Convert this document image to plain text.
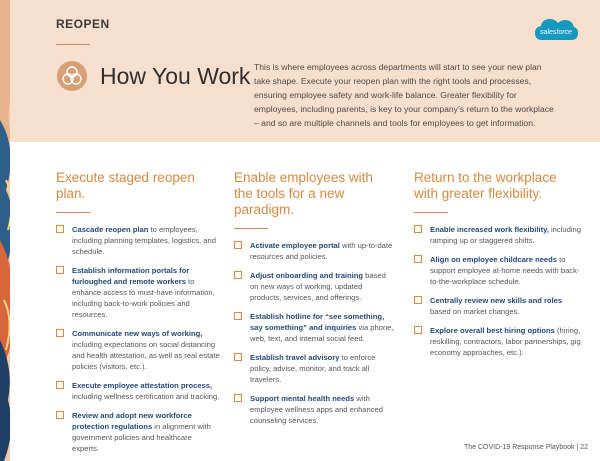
REOPEN
salesforce
How You Work This is where employees across departments will start to see your new plan take shape. Execute your reopen plan with the right tools and processes, ensuring employee safety and work-life balance. Greater flexibility for employees, including parents, is key to your company’s return to the workplace – and so are multiple channels and tools for employees to get information.
Execute staged reopen plan.
Cascade reopen plan to employees, including planning templates, logistics, and schedule.
Establish information portals for furloughed and remote workers to enhance access to must-have information, including back-to-work policies and resources.
Communicate new ways of working, including expectations on social distancing and health attestation, as well as real estate policies (visitors, etc.).
Execute employee attestation process, including wellness certification and tracking.
Review and adopt new workforce protection regulations in alignment with government policies and healthcare experts.
Enable employees with the tools for a new paradigm.
Activate employee portal with up-to-date resources and policies.
Adjust onboarding and training based on new ways of working, updated products, services, and offerings.
Establish hotline for “see something, say something” and inquiries via phone, web, text, and internal social feed.
Establish travel advisory to enforce policy, advise, monitor, and track all travelers.
Support mental health needs with employee wellness apps and enhanced counseling services.
Return to the workplace with greater flexibility.
Enable increased work flexibility, including ramping up or staggered shifts.
Align on employee childcare needs to support employee at-home needs with back-to-the-workplace schedule.
Centrally review new skills and roles based on market changes.
Explore overall best hiring options (hiring, reskilling, contractors, labor partnerships, gig economy approaches, etc.).
The COVID-19 Response Playbook | 22
